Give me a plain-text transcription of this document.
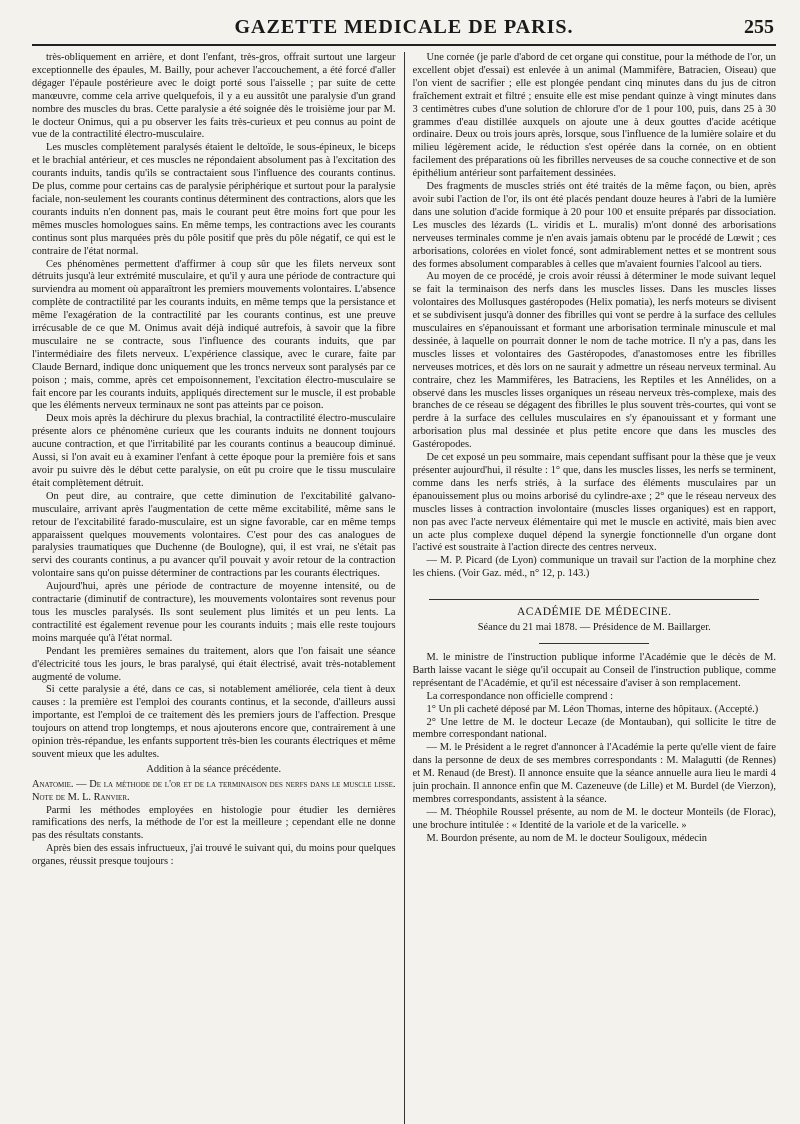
GAZETTE MEDICALE DE PARIS.	255

très-obliquement en arrière, et dont l'enfant, très-gros, offrait surtout une largeur exceptionnelle des épaules, M. Bailly, pour achever l'accouchement, a été forcé d'aller dégager l'épaule postérieure avec le doigt porté sous l'aisselle ; par suite de cette manœuvre, comme cela arrive quelquefois, il y a eu aussitôt une paralysie d'un grand nombre des muscles du bras. Cette paralysie a été soignée dès le troisième jour par M. le docteur Onimus, qui a pu observer les faits très-curieux et peu connus au point de vue de la contractilité électro-musculaire.

Les muscles complètement paralysés étaient le deltoïde, le sous-épineux, le biceps et le brachial antérieur, et ces muscles ne répondaient absolument pas à l'excitation des courants induits, tandis qu'ils se contractaient sous l'influence des courants continus. De plus, comme pour certains cas de paralysie périphérique et surtout pour la paralysie faciale, non-seulement les courants continus déterminent des contractions, alors que les courants induits n'en donnent pas, mais le courant peut être moins fort que pour les mêmes muscles homologues sains. En même temps, les contractions avec les courants continus sont plus marquées près du pôle positif que près du pôle négatif, ce qui est le contraire de l'état normal.

Ces phénomènes permettent d'affirmer à coup sûr que les filets nerveux sont détruits jusqu'à leur extrémité musculaire, et qu'il y aura une période de contracture qui surviendra au moment où apparaîtront les premiers mouvements volontaires. L'absence complète de contractilité par les courants induits, en même temps que la persistance et même l'exagération de la contractilité par les courants continus, est une preuve irrécusable de ce que M. Onimus avait déjà indiqué autrefois, à savoir que la fibre musculaire ne se contracte, sous l'influence des courants induits, que par l'intermédiaire des filets nerveux. L'expérience classique, avec le curare, faite par Claude Bernard, indique donc uniquement que les troncs nerveux sont paralysés par ce poison ; mais, comme, après cet empoisonnement, l'excitation électro-musculaire se fait encore par les courants induits, appliqués directement sur le muscle, il est probable que les éléments nerveux terminaux ne sont pas atteints par ce poison.

Deux mois après la déchirure du plexus brachial, la contractilité électro-musculaire présente alors ce phénomène curieux que les courants induits ne donnent toujours aucune contraction, et que l'irritabilité par les courants continus a beaucoup diminué. Aussi, si l'on avait eu à examiner l'enfant à cette époque pour la première fois et sans avoir pu suivre dès le début cette paralysie, on eût pu croire que le tissu musculaire était complètement détruit.

On peut dire, au contraire, que cette diminution de l'excitabilité galvano-musculaire, arrivant après l'augmentation de cette même excitabilité, même sans le retour de l'excitabilité farado-musculaire, est un signe favorable, car en même temps apparaissent quelques mouvements volontaires. C'est pour des cas analogues de paralysies traumatiques que Duchenne (de Boulogne), qui, il est vrai, ne s'était pas servi des courants continus, a pu avancer qu'il pouvait y avoir retour de la contraction volontaire sans qu'on puisse déterminer de contractions par les courants électriques.

Aujourd'hui, après une période de contracture de moyenne intensité, ou de contractarie (diminutif de contracture), les mouvements volontaires sont revenus pour tous les muscles paralysés. Ils sont seulement plus limités et un peu lents. La contractilité est également revenue pour les courants induits ; mais elle reste toujours moins marquée qu'à l'état normal.

Pendant les premières semaines du traitement, alors que l'on faisait une séance d'électricité tous les jours, le bras paralysé, qui était électrisé, avait très-notablement augmenté de volume.

Si cette paralysie a été, dans ce cas, si notablement améliorée, cela tient à deux causes : la première est l'emploi des courants continus, et la seconde, d'ailleurs aussi importante, est l'emploi de ce traitement dès les premiers jours de l'affection. Presque toujours on attend trop longtemps, et nous ajouterons encore que, contrairement à une opinion très-répandue, les enfants supportent très-bien les courants électriques et même souvent mieux que les adultes.

Addition à la séance précédente.

Anatomie. — De la méthode de l'or et de la terminaison des nerfs dans le muscle lisse. Note de M. L. Ranvier.

Parmi les méthodes employées en histologie pour étudier les dernières ramifications des nerfs, la méthode de l'or est la meilleure ; cependant elle ne donne pas des résultats constants.

Après bien des essais infructueux, j'ai trouvé le suivant qui, du moins pour quelques organes, réussit presque toujours :

Une cornée (je parle d'abord de cet organe qui constitue, pour la méthode de l'or, un excellent objet d'essai) est enlevée à un animal (Mammifère, Batracien, Oiseau) que l'on vient de sacrifier ; elle est plongée pendant cinq minutes dans du jus de citron fraîchement extrait et filtré ; ensuite elle est mise pendant quinze à vingt minutes dans 3 centimètres cubes d'une solution de chlorure d'or de 1 pour 100, puis, dans 25 à 30 grammes d'eau distillée auxquels on ajoute une à deux gouttes d'acide acétique ordinaire. Deux ou trois jours après, lorsque, sous l'influence de la lumière solaire et du milieu légèrement acide, le réduction s'est opérée dans la cornée, on en obtient facilement des préparations où les fibrilles nerveuses de sa couche connective et de son épithélium antérieur sont parfaitement dessinées.

Des fragments de muscles striés ont été traités de la même façon, ou bien, après avoir subi l'action de l'or, ils ont été placés pendant douze heures à l'abri de la lumière dans une solution d'acide formique à 20 pour 100 et ensuite préparés par dissociation. Les muscles des lézards (L. viridis et L. muralis) m'ont donné des arborisations nerveuses terminales comme je n'en avais jamais obtenu par le procédé de Lœwit ; ces arborisations, colorées en violet foncé, sont admirablement nettes et se montrent sous des formes absolument comparables à celles que m'avaient fournies l'alcool au tiers.

Au moyen de ce procédé, je crois avoir réussi à déterminer le mode suivant lequel se fait la terminaison des nerfs dans les muscles lisses. Dans les muscles lisses volontaires des Mollusques gastéropodes (Helix pomatia), les nerfs moteurs se divisent et se subdivisent jusqu'à donner des fibrilles qui vont se perdre à la surface des cellules musculaires en s'épanouissant et formant une arborisation terminale minuscule et mal dessinée, à laquelle on pourrait donner le nom de tache motrice. Il n'y a pas, dans les muscles lisses et volontaires des Gastéropodes, d'anastomoses entre les fibrilles nerveuses motrices, et dès lors on ne saurait y admettre un réseau nerveux terminal. Au contraire, chez les Mammifères, les Batraciens, les Reptiles et les Annélides, on a observé dans les muscles lisses organiques un réseau nerveux très-complexe, mais des branches de ce réseau se dégagent des fibrilles le plus souvent très-courtes, qui vont se perdre à la surface des cellules musculaires en s'y épanouissant et y formant une arborisation plus mal dessinée et plus petite encore que dans les muscles des Gastéropodes.

De cet exposé un peu sommaire, mais cependant suffisant pour la thèse que je veux présenter aujourd'hui, il résulte : 1° que, dans les muscles lisses, les nerfs se terminent, comme dans les nerfs striés, à la surface des éléments musculaires par un épanouissement plus ou moins arborisé du cylindre-axe ; 2° que le réseau nerveux des muscles lisses à contraction involontaire (muscles lisses organiques) est en rapport, non pas avec l'acte nerveux élémentaire qui met le muscle en activité, mais bien avec un acte plus complexe duquel dépend la synergie fonctionnelle d'un organe dont l'activé est soustraite à l'action directe des centres nerveux.

— M. P. Picard (de Lyon) communique un travail sur l'action de la morphine chez les chiens. (Voir Gaz. méd., n° 12, p. 143.)

ACADÉMIE DE MÉDECINE.

Séance du 21 mai 1878. — Présidence de M. Baillarger.

M. le ministre de l'instruction publique informe l'Académie que le décès de M. Barth laisse vacant le siège qu'il occupait au Conseil de l'instruction publique, comme représentant de l'Académie, et qu'il est nécessaire d'aviser à son remplacement.

La correspondance non officielle comprend :

1° Un pli cacheté déposé par M. Léon Thomas, interne des hôpitaux. (Accepté.)

2° Une lettre de M. le docteur Lecaze (de Montauban), qui sollicite le titre de membre correspondant national.

— M. le Président a le regret d'annoncer à l'Académie la perte qu'elle vient de faire dans la personne de deux de ses membres correspondants : M. Malagutti (de Rennes) et M. Renaud (de Brest). Il annonce ensuite que la séance annuelle aura lieu le mardi 4 juin prochain. Il annonce enfin que M. Cazeneuve (de Lille) et M. Burdel (de Vierzon), membres correspondants, assistent à la séance.

— M. Théophile Roussel présente, au nom de M. le docteur Monteils (de Florac), une brochure intitulée : « Identité de la variole et de la varicelle. »

M. Bourdon présente, au nom de M. le docteur Souligoux, médecin
